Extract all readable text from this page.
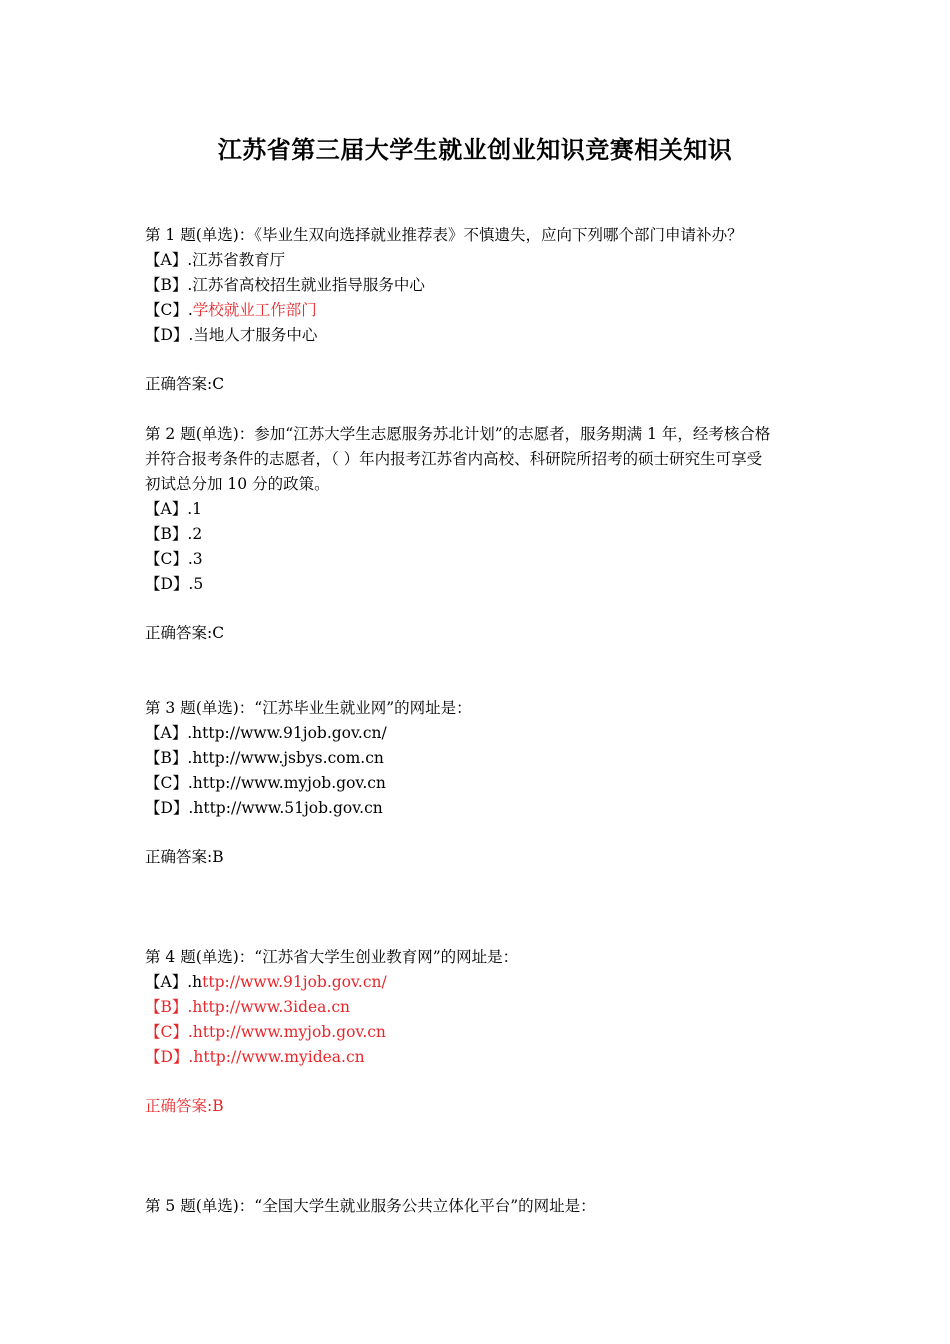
江苏省第三届大学生就业创业知识竞赛相关知识
第 1 题(单选)：《毕业生双向选择就业推荐表》不慎遗失，应向下列哪个部门申请补办？
【A】.江苏省教育厅
【B】.江苏省高校招生就业指导服务中心
【C】.学校就业工作部门
【D】.当地人才服务中心
正确答案:C
第 2 题(单选)：参加“江苏大学生志愿服务苏北计划”的志愿者，服务期满 1 年，经考核合格
并符合报考条件的志愿者，（ ）年内报考江苏省内高校、科研院所招考的硕士研究生可享受
初试总分加 10 分的政策。
【A】.1
【B】.2
【C】.3
【D】.5
正确答案:C
第 3 题(单选)：“江苏毕业生就业网”的网址是：
【A】.http://www.91job.gov.cn/
【B】.http://www.jsbys.com.cn
【C】.http://www.myjob.gov.cn
【D】.http://www.51job.gov.cn
正确答案:B
第 4 题(单选)：“江苏省大学生创业教育网”的网址是：
【A】.http://www.91job.gov.cn/
【B】.http://www.3idea.cn
【C】.http://www.myjob.gov.cn
【D】.http://www.myidea.cn
正确答案:B
第 5 题(单选)：“全国大学生就业服务公共立体化平台”的网址是：
